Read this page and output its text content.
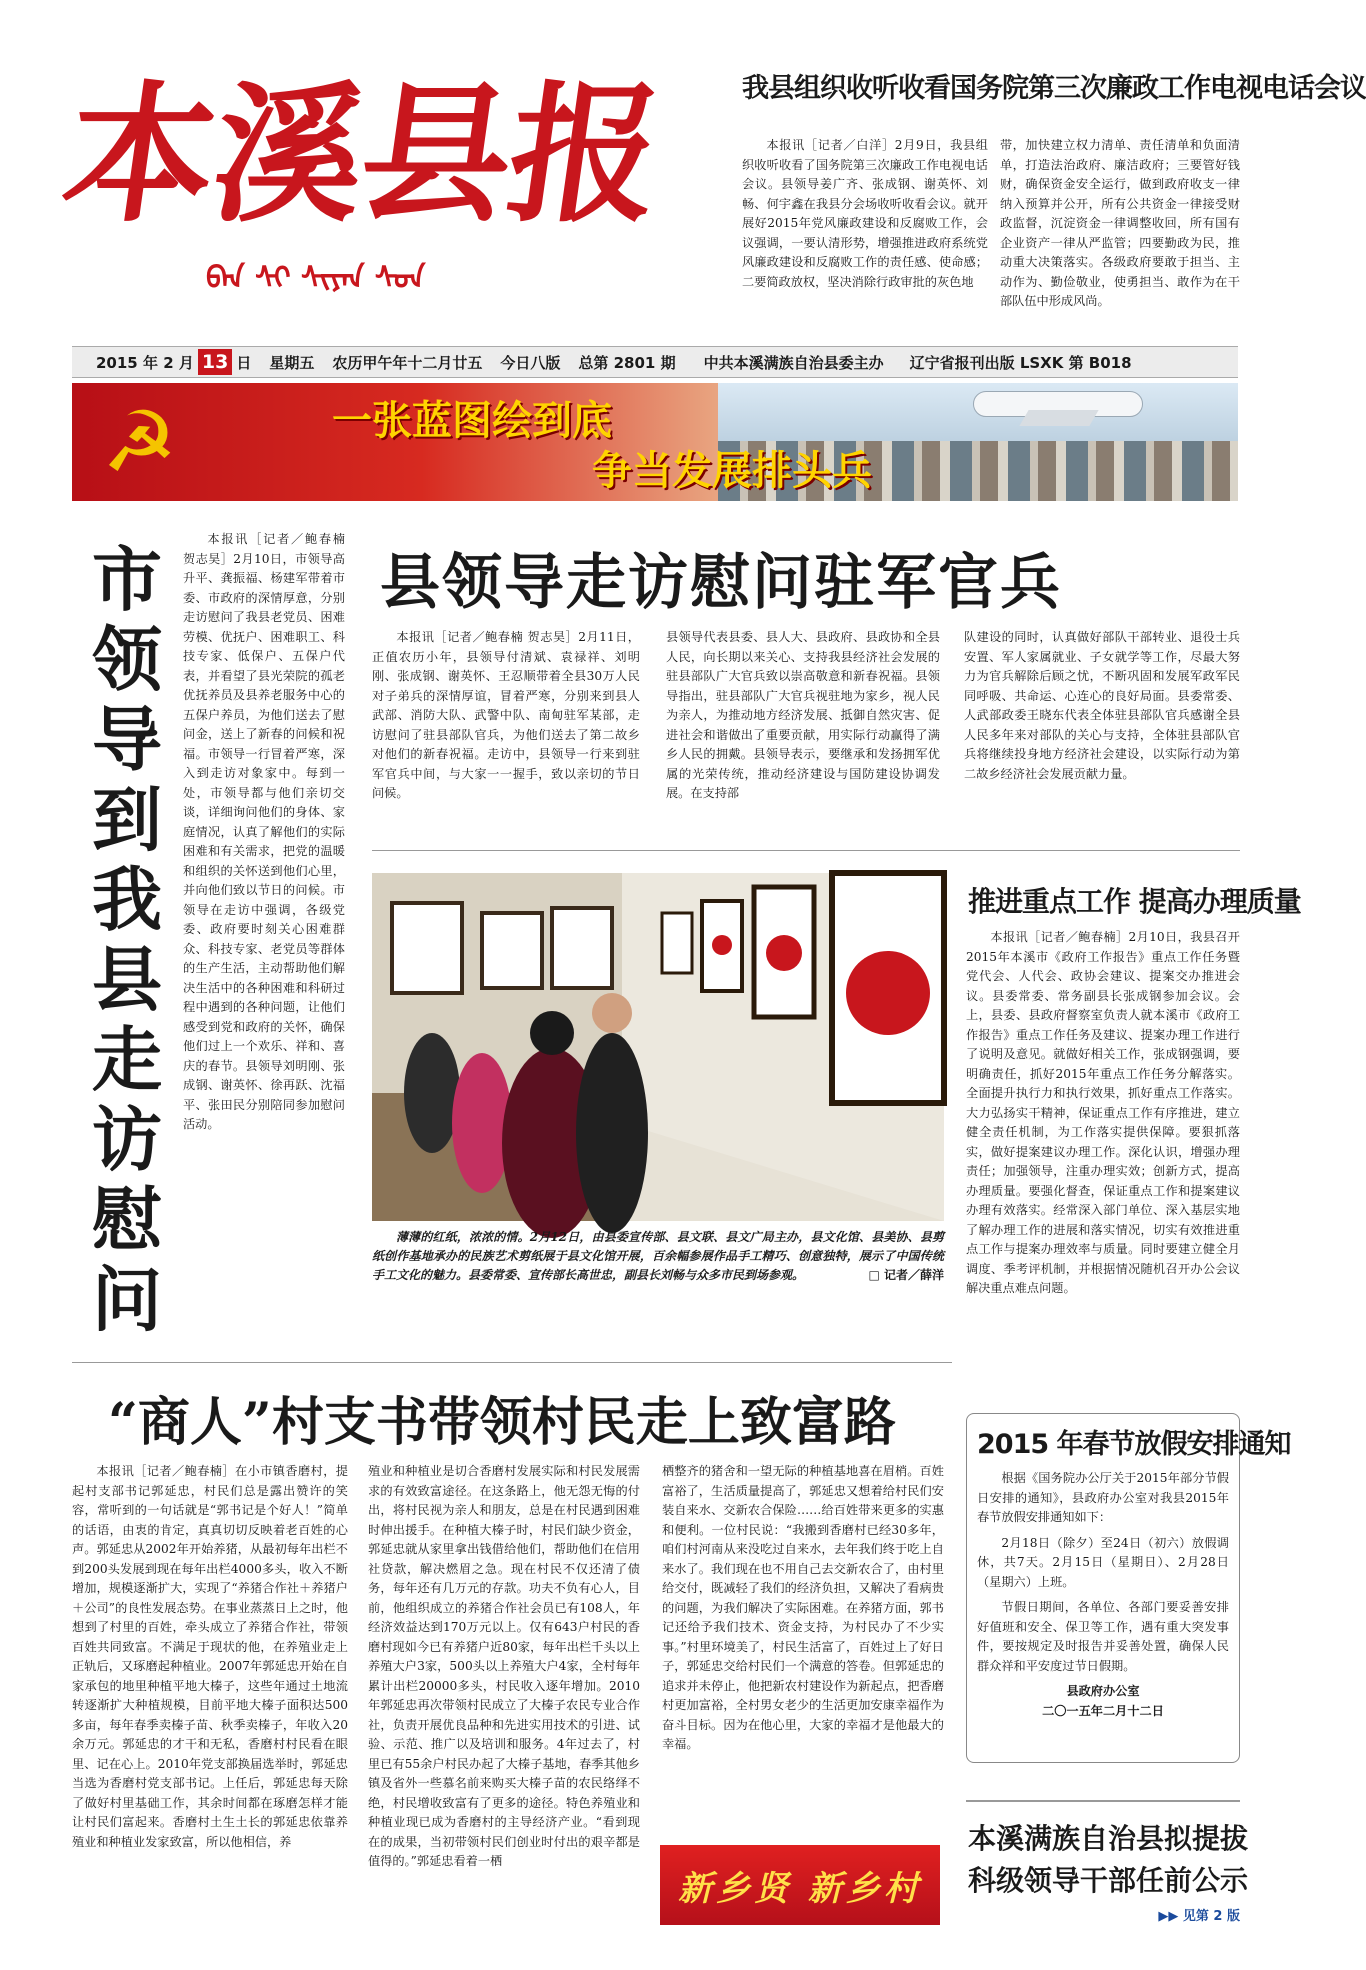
本溪县报
ᠪᠡᠨ ᠰᠢ ᠰᠢᠶᠠᠨ ᠰᠣᠨ
我县组织收听收看国务院第三次廉政工作电视电话会议
本报讯［记者／白洋］2月9日，我县组织收听收看了国务院第三次廉政工作电视电话会议。县领导姜广齐、张成钢、谢英怀、刘畅、何宇鑫在我县分会场收听收看会议。就开展好2015年党风廉政建设和反腐败工作，会议强调，一要认清形势，增强推进政府系统党风廉政建设和反腐败工作的责任感、使命感；二要简政放权，坚决消除行政审批的灰色地
带，加快建立权力清单、责任清单和负面清单，打造法治政府、廉洁政府；三要管好钱财，确保资金安全运行，做到政府收支一律纳入预算并公开，所有公共资金一律接受财政监督，沉淀资金一律调整收回，所有国有企业资产一律从严监管；四要勤政为民，推动重大决策落实。各级政府要敢于担当、主动作为、勤俭敬业，使勇担当、敢作为在干部队伍中形成风尚。
2015 年 2 月 13 日 星期五 农历甲午年十二月廿五 今日八版 总第 2801 期 中共本溪满族自治县委主办 辽宁省报刊出版 LSXK 第 B018
☭	一张蓝图绘到底
争当发展排头兵
市
领
导
到
我
县
走
访
慰
问
本报讯［记者／鲍春楠 贺志昊］2月10日，市领导高升平、龚振福、杨建军带着市委、市政府的深情厚意，分别走访慰问了我县老党员、困难劳模、优抚户、困难职工、科技专家、低保户、五保户代表，并看望了县光荣院的孤老优抚养员及县养老服务中心的五保户养员，为他们送去了慰问金，送上了新春的问候和祝福。市领导一行冒着严寒，深入到走访对象家中。每到一处，市领导都与他们亲切交谈，详细询问他们的身体、家庭情况，认真了解他们的实际困难和有关需求，把党的温暖和组织的关怀送到他们心里，并向他们致以节日的问候。市领导在走访中强调，各级党委、政府要时刻关心困难群众、科技专家、老党员等群体的生产生活，主动帮助他们解决生活中的各种困难和科研过程中遇到的各种问题，让他们感受到党和政府的关怀，确保他们过上一个欢乐、祥和、喜庆的春节。县领导刘明刚、张成钢、谢英怀、徐再跃、沈福平、张田民分别陪同参加慰问活动。
县领导走访慰问驻军官兵
本报讯［记者／鲍春楠 贺志昊］2月11日，正值农历小年，县领导付清斌、袁禄祥、刘明刚、张成钢、谢英怀、王忍顺带着全县30万人民对子弟兵的深情厚谊，冒着严寒，分别来到县人武部、消防大队、武警中队、南甸驻军某部，走访慰问了驻县部队官兵，为他们送去了第二故乡对他们的新春祝福。走访中，县领导一行来到驻军官兵中间，与大家一一握手，致以亲切的节日问候。
县领导代表县委、县人大、县政府、县政协和全县人民，向长期以来关心、支持我县经济社会发展的驻县部队广大官兵致以崇高敬意和新春祝福。县领导指出，驻县部队广大官兵视驻地为家乡，视人民为亲人，为推动地方经济发展、抵御自然灾害、促进社会和谐做出了重要贡献，用实际行动赢得了满乡人民的拥戴。县领导表示，要继承和发扬拥军优属的光荣传统，推动经济建设与国防建设协调发展。在支持部
队建设的同时，认真做好部队干部转业、退役士兵安置、军人家属就业、子女就学等工作，尽最大努力为官兵解除后顾之忧，不断巩固和发展军政军民同呼吸、共命运、心连心的良好局面。县委常委、人武部政委王晓东代表全体驻县部队官兵感谢全县人民多年来对部队的关心与支持，全体驻县部队官兵将继续投身地方经济社会建设，以实际行动为第二故乡经济社会发展贡献力量。
薄薄的红纸，浓浓的情。2月12日，由县委宣传部、县文联、县文广局主办，县文化馆、县美协、县剪纸创作基地承办的民族艺术剪纸展于县文化馆开展，百余幅参展作品手工精巧、创意独特，展示了中国传统手工文化的魅力。县委常委、宣传部长高世忠，副县长刘畅与众多市民到场参观。	□ 记者／薛洋
推进重点工作 提高办理质量
本报讯［记者／鲍春楠］2月10日，我县召开2015年本溪市《政府工作报告》重点工作任务暨党代会、人代会、政协会建议、提案交办推进会议。县委常委、常务副县长张成钢参加会议。会上，县委、县政府督察室负责人就本溪市《政府工作报告》重点工作任务及建议、提案办理工作进行了说明及意见。就做好相关工作，张成钢强调，要明确责任，抓好2015年重点工作任务分解落实。全面提升执行力和执行效果，抓好重点工作落实。大力弘扬实干精神，保证重点工作有序推进，建立健全责任机制，为工作落实提供保障。要狠抓落实，做好提案建议办理工作。深化认识，增强办理责任；加强领导，注重办理实效；创新方式，提高办理质量。要强化督查，保证重点工作和提案建议办理有效落实。经常深入部门单位、深入基层实地了解办理工作的进展和落实情况，切实有效推进重点工作与提案办理效率与质量。同时要建立健全月调度、季考评机制，并根据情况随机召开办公会议解决重点难点问题。
“商人”村支书带领村民走上致富路
本报讯［记者／鲍春楠］在小市镇香磨村，提起村支部书记郭延忠，村民们总是露出赞许的笑容，常听到的一句话就是“郭书记是个好人！”简单的话语，由衷的肯定，真真切切反映着老百姓的心声。郭延忠从2002年开始养猪，从最初每年出栏不到200头发展到现在每年出栏4000多头，收入不断增加，规模逐渐扩大，实现了“养猪合作社＋养猪户＋公司”的良性发展态势。在事业蒸蒸日上之时，他想到了村里的百姓，牵头成立了养猪合作社，带领百姓共同致富。不满足于现状的他，在养殖业走上正轨后，又琢磨起种植业。2007年郭延忠开始在自家承包的地里种植平地大榛子，这些年通过土地流转逐渐扩大种植规模，目前平地大榛子面积达500多亩，每年春季卖榛子苗、秋季卖榛子，年收入20余万元。郭延忠的才干和无私，香磨村村民看在眼里、记在心上。2010年党支部换届选举时，郭延忠当选为香磨村党支部书记。上任后，郭延忠每天除了做好村里基础工作，其余时间都在琢磨怎样才能让村民们富起来。香磨村土生土长的郭延忠依靠养殖业和种植业发家致富，所以他相信，养
殖业和种植业是切合香磨村发展实际和村民发展需求的有效致富途径。在这条路上，他无怨无悔的付出，将村民视为亲人和朋友，总是在村民遇到困难时伸出援手。在种植大榛子时，村民们缺少资金，郭延忠就从家里拿出钱借给他们，帮助他们在信用社贷款，解决燃眉之急。现在村民不仅还清了债务，每年还有几万元的存款。功夫不负有心人，目前，他组织成立的养猪合作社会员已有108人，年经济效益达到170万元以上。仅有643户村民的香磨村现如今已有养猪户近80家，每年出栏千头以上养殖大户3家，500头以上养殖大户4家，全村每年累计出栏20000多头，村民收入逐年增加。2010年郭延忠再次带领村民成立了大榛子农民专业合作社，负责开展优良品种和先进实用技术的引进、试验、示范、推广以及培训和服务。4年过去了，村里已有55余户村民办起了大榛子基地，春季其他乡镇及省外一些慕名前来购买大榛子苗的农民络绎不绝，村民增收致富有了更多的途径。特色养殖业和种植业现已成为香磨村的主导经济产业。“看到现在的成果，当初带领村民们创业时付出的艰辛都是值得的。”郭延忠看着一栖
栖整齐的猪舍和一望无际的种植基地喜在眉梢。百姓富裕了，生活质量提高了，郭延忠又想着给村民们安装自来水、交新农合保险……给百姓带来更多的实惠和便利。一位村民说：“我搬到香磨村已经30多年，咱们村河南从来没吃过自来水，去年我们终于吃上自来水了。我们现在也不用自己去交新农合了，由村里给交付，既减轻了我们的经济负担，又解决了看病贵的问题，为我们解决了实际困难。在养猪方面，郭书记还给予我们技术、资金支持，为村民办了不少实事。”村里环境美了，村民生活富了，百姓过上了好日子，郭延忠交给村民们一个满意的答卷。但郭延忠的追求并未停止，他把新农村建设作为新起点，把香磨村更加富裕，全村男女老少的生活更加安康幸福作为奋斗目标。因为在他心里，大家的幸福才是他最大的幸福。
新乡贤 新乡村
2015 年春节放假安排通知
根据《国务院办公厅关于2015年部分节假日安排的通知》，县政府办公室对我县2015年春节放假安排通知如下：
2月18日（除夕）至24日（初六）放假调休，共7天。2月15日（星期日）、2月28日（星期六）上班。
节假日期间，各单位、各部门要妥善安排好值班和安全、保卫等工作，遇有重大突发事件，要按规定及时报告并妥善处置，确保人民群众祥和平安度过节日假期。
县政府办公室
二〇一五年二月十二日
本溪满族自治县拟提拔
科级领导干部任前公示
▶▶ 见第 2 版
